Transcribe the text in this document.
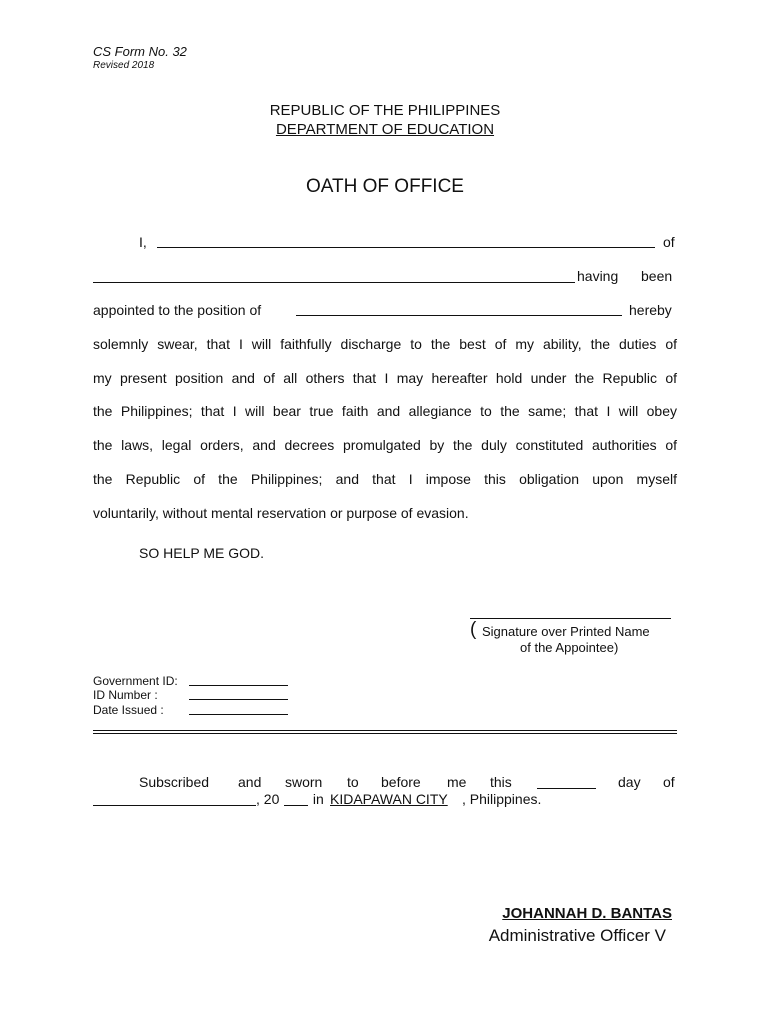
CS Form No. 32
Revised 2018
REPUBLIC OF THE PHILIPPINES
DEPARTMENT OF EDUCATION
OATH OF OFFICE
I,	of
having been
appointed to the position of	hereby
solemnly swear, that I will faithfully discharge to the best of my ability, the duties of
my present position and of all others that I may hereafter hold under the Republic of
the Philippines; that I will bear true faith and allegiance to the same; that I will obey
the laws, legal orders, and decrees promulgated by the duly constituted authorities of
the Republic of the Philippines; and that I impose this obligation upon myself
voluntarily, without mental reservation or purpose of evasion.
SO HELP ME GOD.
( Signature over Printed Name
of the Appointee)
Government ID:
ID Number :
Date Issued :
Subscribed and sworn to before me this	day of
, 20 in KIDAPAWAN CITY , Philippines.
JOHANNAH D. BANTAS
Administrative Officer V
